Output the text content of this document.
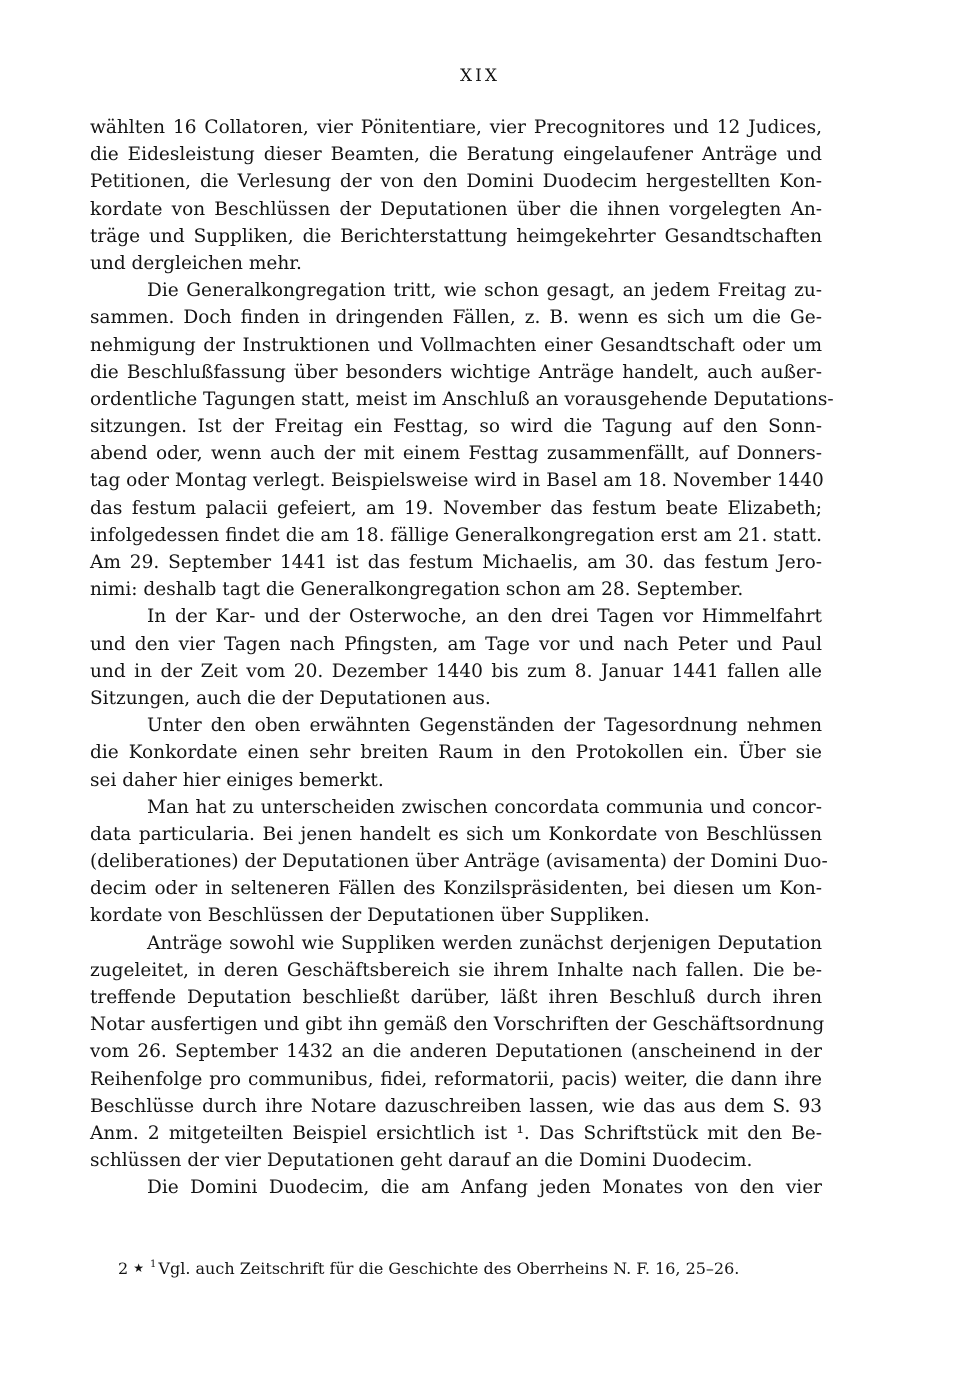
XIX
wählten 16 Collatoren, vier Pönitentiare, vier Precognitores und 12 Judices,
die Eidesleistung dieser Beamten, die Beratung eingelaufener Anträge und
Petitionen, die Verlesung der von den Domini Duodecim hergestellten Kon-
kordate von Beschlüssen der Deputationen über die ihnen vorgelegten An-
träge und Suppliken, die Berichterstattung heimgekehrter Gesandtschaften
und dergleichen mehr.
Die Generalkongregation tritt, wie schon gesagt, an jedem Freitag zu-
sammen. Doch finden in dringenden Fällen, z. B. wenn es sich um die Ge-
nehmigung der Instruktionen und Vollmachten einer Gesandtschaft oder um
die Beschlußfassung über besonders wichtige Anträge handelt, auch außer-
ordentliche Tagungen statt, meist im Anschluß an vorausgehende Deputations-
sitzungen. Ist der Freitag ein Festtag, so wird die Tagung auf den Sonn-
abend oder, wenn auch der mit einem Festtag zusammenfällt, auf Donners-
tag oder Montag verlegt. Beispielsweise wird in Basel am 18. November 1440
das festum palacii gefeiert, am 19. November das festum beate Elizabeth;
infolgedessen findet die am 18. fällige Generalkongregation erst am 21. statt.
Am 29. September 1441 ist das festum Michaelis, am 30. das festum Jero-
nimi: deshalb tagt die Generalkongregation schon am 28. September.
In der Kar- und der Osterwoche, an den drei Tagen vor Himmelfahrt
und den vier Tagen nach Pfingsten, am Tage vor und nach Peter und Paul
und in der Zeit vom 20. Dezember 1440 bis zum 8. Januar 1441 fallen alle
Sitzungen, auch die der Deputationen aus.
Unter den oben erwähnten Gegenständen der Tagesordnung nehmen
die Konkordate einen sehr breiten Raum in den Protokollen ein. Über sie
sei daher hier einiges bemerkt.
Man hat zu unterscheiden zwischen concordata communia und concor-
data particularia. Bei jenen handelt es sich um Konkordate von Beschlüssen
(deliberationes) der Deputationen über Anträge (avisamenta) der Domini Duo-
decim oder in selteneren Fällen des Konzilspräsidenten, bei diesen um Kon-
kordate von Beschlüssen der Deputationen über Suppliken.
Anträge sowohl wie Suppliken werden zunächst derjenigen Deputation
zugeleitet, in deren Geschäftsbereich sie ihrem Inhalte nach fallen. Die be-
treffende Deputation beschließt darüber, läßt ihren Beschluß durch ihren
Notar ausfertigen und gibt ihn gemäß den Vorschriften der Geschäftsordnung
vom 26. September 1432 an die anderen Deputationen (anscheinend in der
Reihenfolge pro communibus, fidei, reformatorii, pacis) weiter, die dann ihre
Beschlüsse durch ihre Notare dazuschreiben lassen, wie das aus dem S. 93
Anm. 2 mitgeteilten Beispiel ersichtlich ist ¹. Das Schriftstück mit den Be-
schlüssen der vier Deputationen geht darauf an die Domini Duodecim.
Die Domini Duodecim, die am Anfang jeden Monates von den vier
2 ★ $^1$ Vgl. auch Zeitschrift für die Geschichte des Oberrheins N. F. 16, 25–26.
